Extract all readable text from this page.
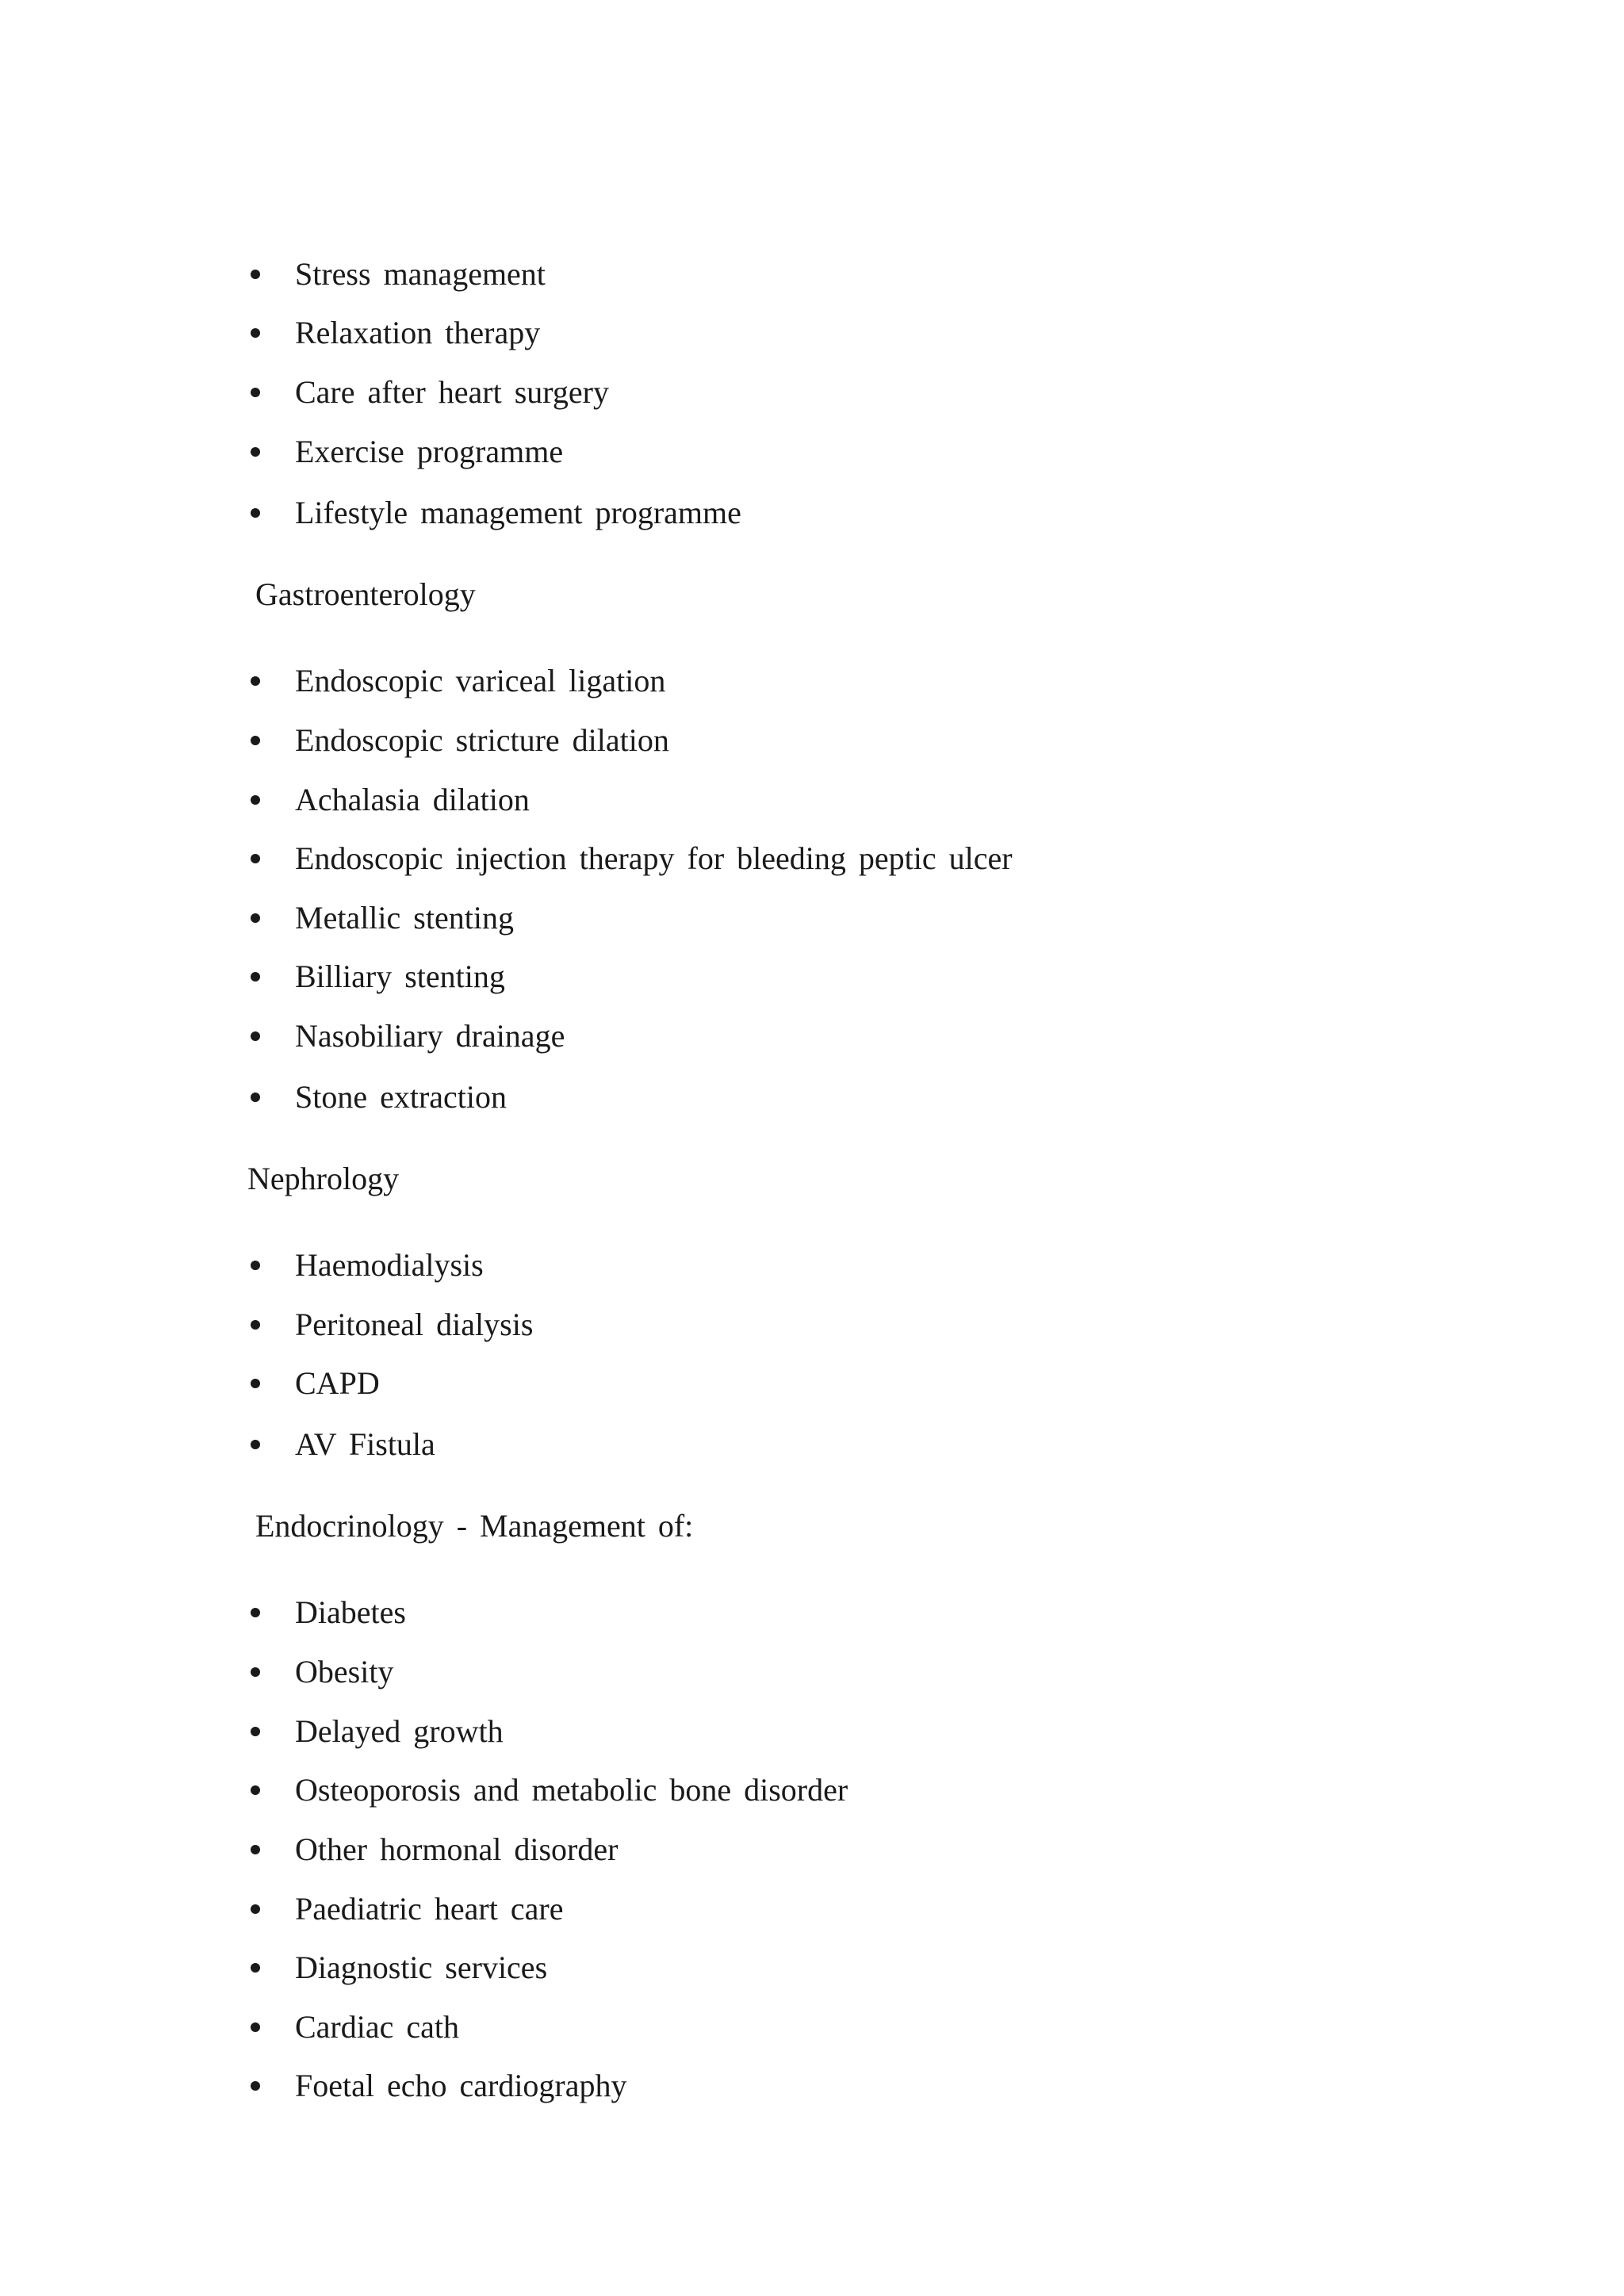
Stress management
Relaxation therapy
Care after heart surgery
Exercise programme
Lifestyle management programme
Gastroenterology
Endoscopic variceal ligation
Endoscopic stricture dilation
Achalasia dilation
Endoscopic injection therapy for bleeding peptic ulcer
Metallic stenting
Billiary stenting
Nasobiliary drainage
Stone extraction
Nephrology
Haemodialysis
Peritoneal dialysis
CAPD
AV Fistula
Endocrinology - Management of:
Diabetes
Obesity
Delayed growth
Osteoporosis and metabolic bone disorder
Other hormonal disorder
Paediatric heart care
Diagnostic services
Cardiac cath
Foetal echo cardiography
